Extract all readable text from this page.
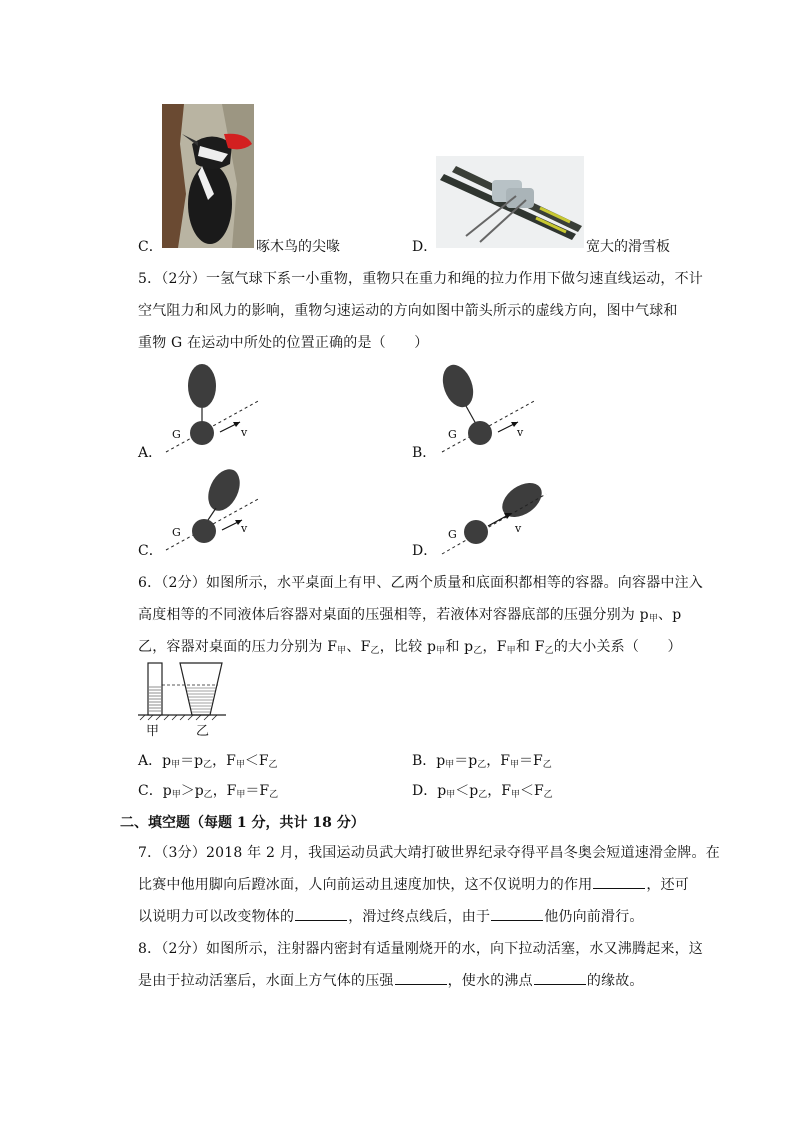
C．	啄木鸟的尖喙	D．	宽大的滑雪板
5．（2分）一氢气球下系一小重物，重物只在重力和绳的拉力作用下做匀速直线运动，不计
空气阻力和风力的影响，重物匀速运动的方向如图中箭头所示的虚线方向，图中气球和
重物 G 在运动中所处的位置正确的是（　　）
A．
G	v
B．
G	v
C．
G	v
D．
G	v
6．（2分）如图所示，水平桌面上有甲、乙两个质量和底面积都相等的容器。向容器中注入
高度相等的不同液体后容器对桌面的压强相等，若液体对容器底部的压强分别为 $p_甲$、p
乙，容器对桌面的压力分别为 $F_甲$、$F_乙$，比较 $p_甲$和 $p_乙$，$F_甲$和 $F_乙$的大小关系（　　）
甲	乙
A．$p_甲=p_乙$，$F_甲<F_乙$	B．$p_甲=p_乙$，$F_甲=F_乙$
C．$p_甲>p_乙$，$F_甲=F_乙$	D．$p_甲<p_乙$，$F_甲<F_乙$
二、填空题（每题 1 分，共计 18 分）
7．（3分）2018 年 2 月，我国运动员武大靖打破世界纪录夺得平昌冬奥会短道速滑金牌。在
比赛中他用脚向后蹬冰面，人向前运动且速度加快，这不仅说明力的作用	，还可
以说明力可以改变物体的	，滑过终点线后，由于	他仍向前滑行。
8．（2分）如图所示，注射器内密封有适量刚烧开的水，向下拉动活塞，水又沸腾起来，这
是由于拉动活塞后，水面上方气体的压强	，使水的沸点	的缘故。
